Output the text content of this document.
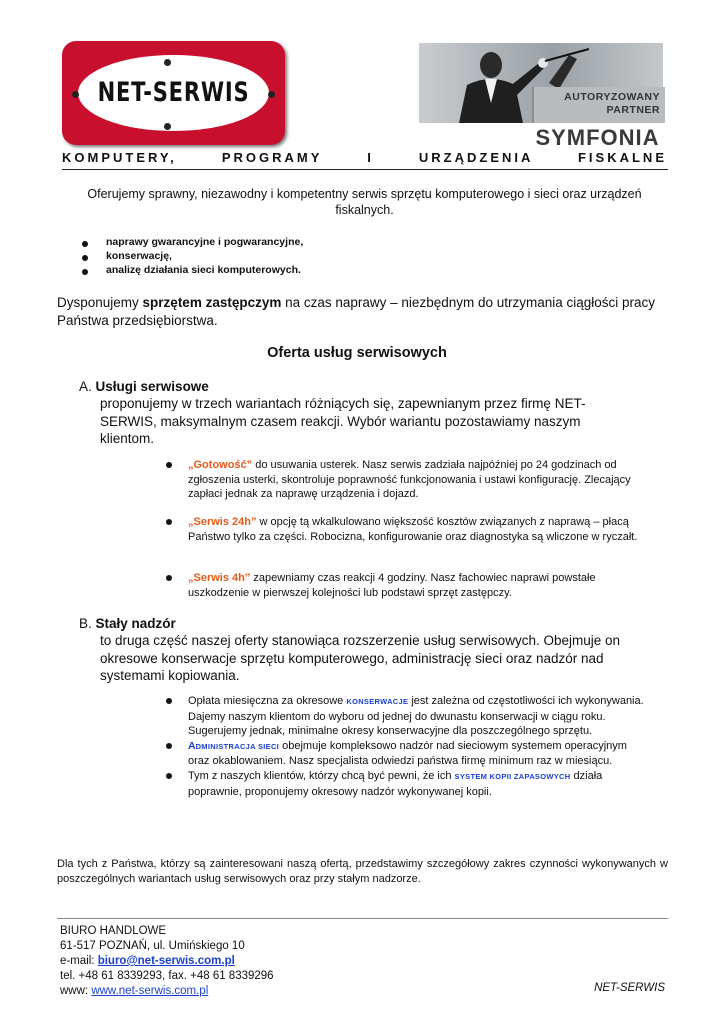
NET-SERWIS	AUTORYZOWANY
PARTNER
SYMFONIA
KOMPUTERY, PROGRAMY I URZĄDZENIA FISKALNE
Oferujemy sprawny, niezawodny i kompetentny serwis sprzętu komputerowego i sieci oraz urządzeń fiskalnych.
naprawy gwarancyjne i pogwarancyjne,
konserwację,
analizę działania sieci komputerowych.
Dysponujemy sprzętem zastępczym na czas naprawy – niezbędnym do utrzymania ciągłości pracy Państwa przedsiębiorstwa.
Oferta usług serwisowych
A. Usługi serwisowe
proponujemy w trzech wariantach różniących się, zapewnianym przez firmę NET-SERWIS, maksymalnym czasem reakcji. Wybór wariantu pozostawiamy naszym klientom.
„Gotowość” do usuwania usterek. Nasz serwis zadziała najpóźniej po 24 godzinach od zgłoszenia usterki, skontroluje poprawność funkcjonowania i ustawi konfigurację. Zlecający zapłaci jednak za naprawę urządzenia i dojazd.
„Serwis 24h” w opcję tą wkalkulowano większość kosztów związanych z naprawą – płacą Państwo tylko za części. Robocizna, konfigurowanie oraz diagnostyka są wliczone w ryczałt.
„Serwis 4h” zapewniamy czas reakcji 4 godziny. Nasz fachowiec naprawi powstałe uszkodzenie w pierwszej kolejności lub podstawi sprzęt zastępczy.
B. Stały nadzór
to druga część naszej oferty stanowiąca rozszerzenie usług serwisowych. Obejmuje on okresowe konserwacje sprzętu komputerowego, administrację sieci oraz nadzór nad systemami kopiowania.
Opłata miesięczna za okresowe KONSERWACJE jest zależna od częstotliwości ich wykonywania. Dajemy naszym klientom do wyboru od jednej do dwunastu konserwacji w ciągu roku. Sugerujemy jednak, minimalne okresy konserwacyjne dla poszczególnego sprzętu.
ADMINISTRACJA SIECI obejmuje kompleksowo nadzór nad sieciowym systemem operacyjnym oraz okablowaniem. Nasz specjalista odwiedzi państwa firmę minimum raz w miesiącu.
Tym z naszych klientów, którzy chcą być pewni, że ich SYSTEM KOPII ZAPASOWYCH działa poprawnie, proponujemy okresowy nadzór wykonywanej kopii.
Dla tych z Państwa, którzy są zainteresowani naszą ofertą, przedstawimy szczegółowy zakres czynności wykonywanych w poszczególnych wariantach usług serwisowych oraz przy stałym nadzorze.
BIURO HANDLOWE
61-517 POZNAŃ, ul. Umińskiego 10
e-mail: biuro@net-serwis.com.pl
tel. +48 61 8339293, fax. +48 61 8339296
www: www.net-serwis.com.pl	NET-SERWIS
